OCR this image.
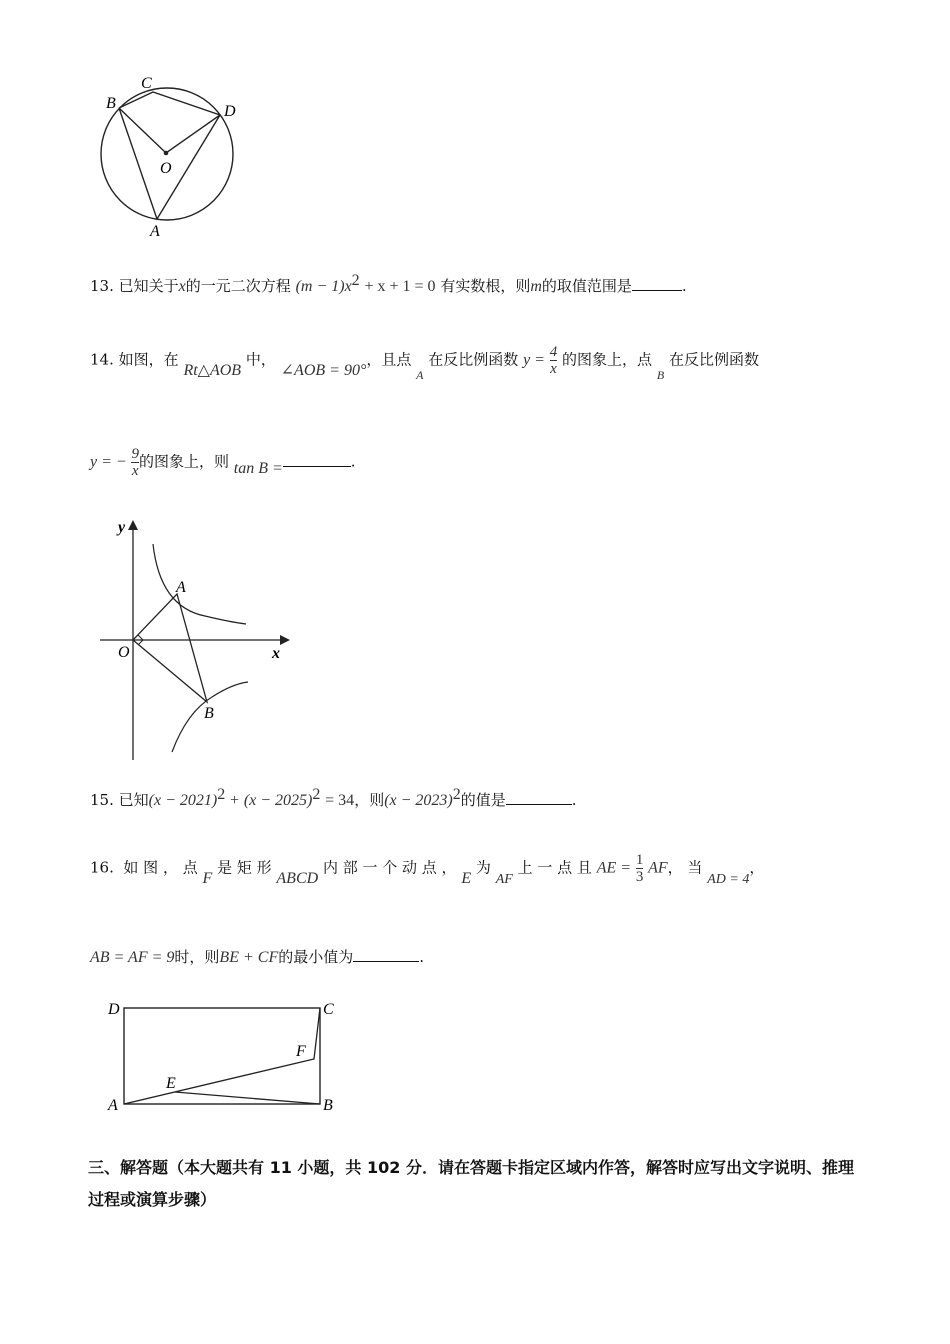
B
C
D
O
A
13. 已知关于x的一元二次方程 $(m - 1)x^2 + x + 1 = 0$ 有实数根，则m的取值范围是	.
14. 如图，在 Rt△AOB 中， ∠AOB = 90°，且点 $_A$ 在反比例函数 $y = \frac{4}{x}$ 的图象上，点 $_B$ 在反比例函数
y = − $\frac{9}{x}$ 的图象上，则 tan B =	.
y
x
O
A
B
15. 已知$(x - 2021)^2 + (x - 2025)^2 = 34$，则$(x - 2023)^2$的值是	.
16. 如 图 ， 点 F 是 矩 形 ABCD 内 部 一 个 动 点 ， E 为 AF 上 一 点 且 AE = $\frac{1}{3}$ AF， 当 AD = 4，
AB = AF = 9时，则BE + CF的最小值为	.
D	C
F
E
A	B
三、解答题（本大题共有 11 小题，共 102 分．请在答题卡指定区域内作答，解答时应写出文字说明、推理过程或演算步骤）
